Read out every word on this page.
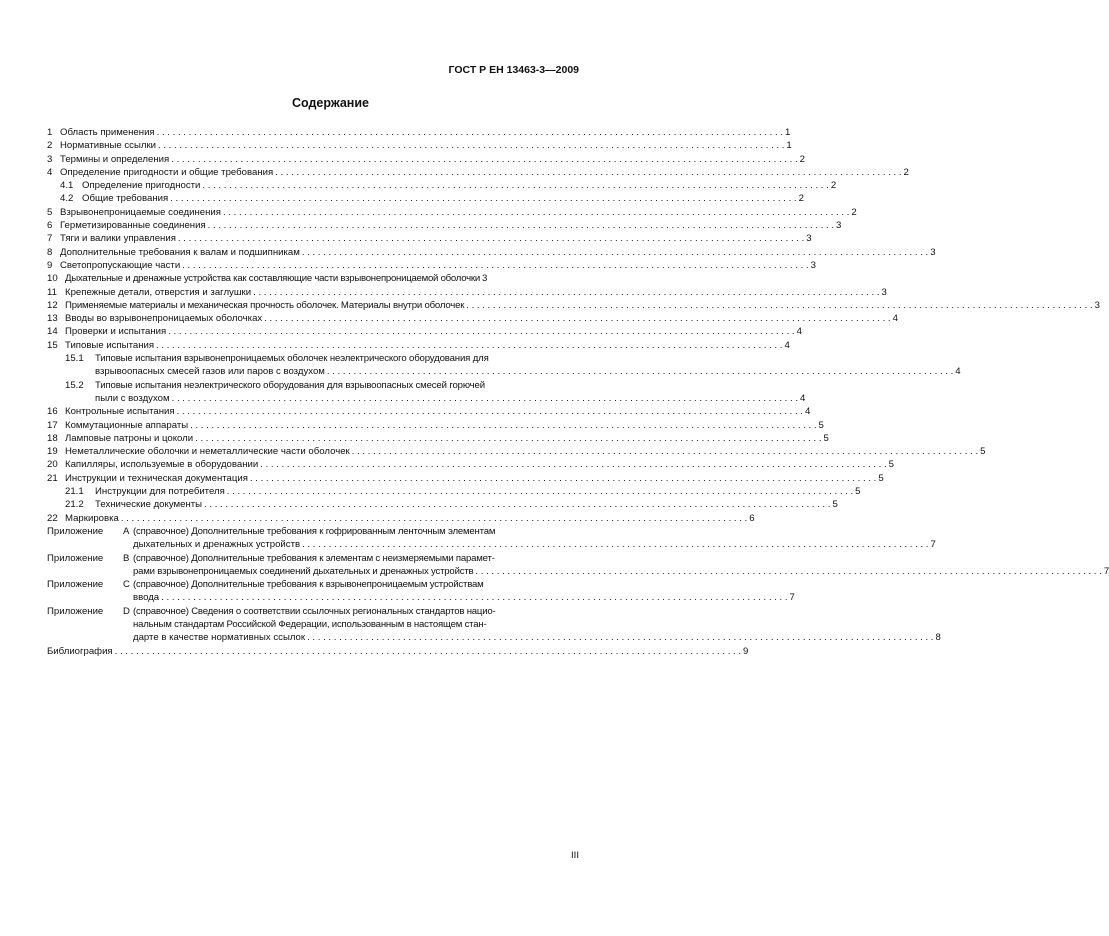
ГОСТ Р ЕН 13463-3—2009
Содержание
1 Область применения . . .	1
2 Нормативные ссылки . . .	1
3 Термины и определения . . .	2
4 Определение пригодности и общие требования . . .	2
4.1 Определение пригодности . . .	2
4.2 Общие требования . . .	2
5 Взрывонепроницаемые соединения . . .	2
6 Герметизированные соединения . . .	3
7 Тяги и валики управления . . .	3
8 Дополнительные требования к валам и подшипникам . . .	3
9 Светопропускающие части . . .	3
10 Дыхательные и дренажные устройства как составляющие части взрывонепроницаемой оболочки 3
11 Крепежные детали, отверстия и заглушки . . .	3
12 Применяемые материалы и механическая прочность оболочек. Материалы внутри оболочек . . .	3
13 Вводы во взрывонепроницаемых оболочках . . .	4
14 Проверки и испытания . . .	4
15 Типовые испытания . . .	4
15.1	Типовые испытания взрывонепроницаемых оболочек неэлектрического оборудования для
взрывоопасных смесей газов или паров с воздухом . . .	4
15.2	Типовые испытания неэлектрического оборудования для взрывоопасных смесей горючей
пыли с воздухом . . .	4
16 Контрольные испытания . . .	4
17 Коммутационные аппараты . . .	5
18 Ламповые патроны и цоколи . . .	5
19 Неметаллические оболочки и неметаллические части оболочек . . .	5
20 Капилляры, используемые в оборудовании . . .	5
21 Инструкции и техническая документация . . .	5
21.1	Инструкции для потребителя . . .	5
21.2	Технические документы . . .	5
22 Маркировка . . .	6
Приложение	A (справочное) Дополнительные требования к гофрированным ленточным элементам
дыхательных и дренажных устройств . . .	7
Приложение	B (справочное) Дополнительные требования к элементам с неизмеряемыми парамет-
рами взрывонепроницаемых соединений дыхательных и дренажных устройств . . .	7
Приложение	C (справочное) Дополнительные требования к взрывонепроницаемым устройствам
ввода . . .	7
Приложение	D (справочное) Сведения о соответствии ссылочных региональных стандартов нацио-
нальным стандартам Российской Федерации, использованным в настоящем стан-
дарте в качестве нормативных ссылок . . .	8
Библиография . . .	9
III
